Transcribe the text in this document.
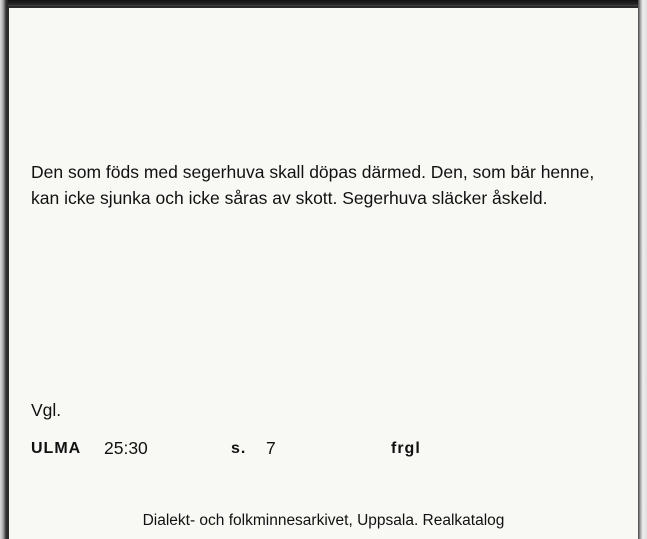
Den som föds med segerhuva skall döpas därmed. Den, som bär henne, kan icke sjunka och icke såras av skott. Segerhuva släcker åskeld.
Vgl.
ULMA 25:30	s. 7	frgl
Dialekt- och folkminnesarkivet, Uppsala. Realkatalog
